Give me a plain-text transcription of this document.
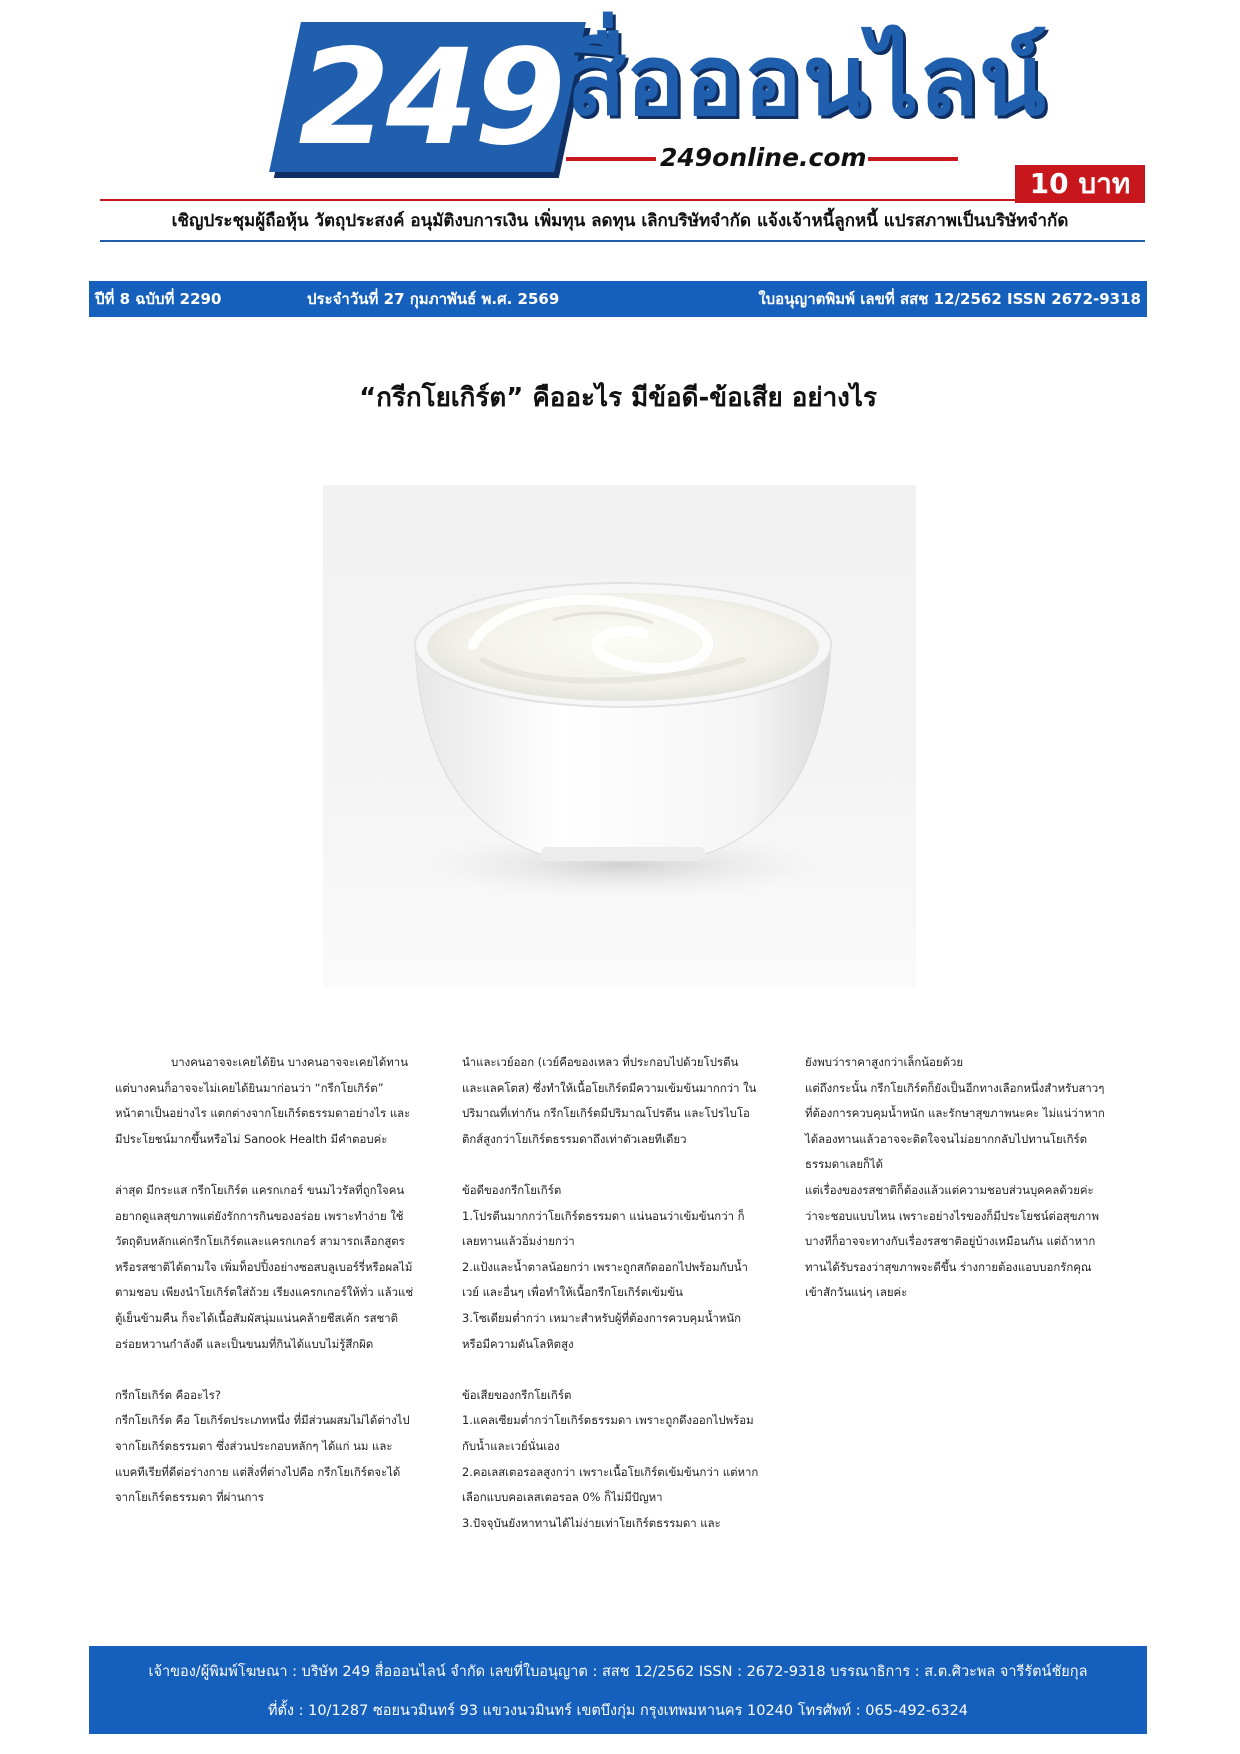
249 สื่อออนไลน์
249online.com
10 บาท
เชิญประชุมผู้ถือหุ้น วัตถุประสงค์ อนุมัติงบการเงิน เพิ่มทุน ลดทุน เลิกบริษัทจำกัด แจ้งเจ้าหนี้ลูกหนี้ แปรสภาพเป็นบริษัทจำกัด
ปีที่ 8 ฉบับที่ 2290	ประจำวันที่ 27 กุมภาพันธ์ พ.ศ. 2569	ใบอนุญาตพิมพ์ เลขที่ สสช 12/2562 ISSN 2672-9318
“กรีกโยเกิร์ต” คืออะไร มีข้อดี-ข้อเสีย อย่างไร

บางคนอาจจะเคยได้ยิน บางคนอาจจะเคยได้ทาน แต่บางคนก็อาจจะไม่เคยได้ยินมาก่อนว่า “กรีกโยเกิร์ต” หน้าตาเป็นอย่างไร แตกต่างจากโยเกิร์ตธรรมดาอย่างไร และมีประโยชน์มากขึ้นหรือไม่ Sanook Health มีคำตอบค่ะ

ล่าสุด มีกระแส กรีกโยเกิร์ต แครกเกอร์ ขนมไวรัลที่ถูกใจคนอยากดูแลสุขภาพแต่ยังรักการกินของอร่อย เพราะทำง่าย ใช้วัตถุดิบหลักแค่กรีกโยเกิร์ตและแครกเกอร์ สามารถเลือกสูตรหรือรสชาติได้ตามใจ เพิ่มท็อปปิ้งอย่างซอสบลูเบอร์รี่หรือผลไม้ตามชอบ เพียงนำโยเกิร์ตใส่ถ้วย เรียงแครกเกอร์ให้ทั่ว แล้วแช่ตู้เย็นข้ามคืน ก็จะได้เนื้อสัมผัสนุ่มแน่นคล้ายชีสเค้ก รสชาติอร่อยหวานกำลังดี และเป็นขนมที่กินได้แบบไม่รู้สึกผิด

กรีกโยเกิร์ต คืออะไร?

กรีกโยเกิร์ต คือ โยเกิร์ตประเภทหนึ่ง ที่มีส่วนผสมไม่ได้ต่างไปจากโยเกิร์ตธรรมดา ซึ่งส่วนประกอบหลักๆ ได้แก่ นม และแบคทีเรียที่ดีต่อร่างกาย แต่สิ่งที่ต่างไปคือ กรีกโยเกิร์ตจะได้จากโยเกิร์ตธรรมดา ที่ผ่านการ

นำและเวย์ออก (เวย์คือของเหลว ที่ประกอบไปด้วยโปรตีน และแลคโตส) ซึ่งทำให้เนื้อโยเกิร์ตมีความเข้มข้นมากกว่า ในปริมาณที่เท่ากัน กรีกโยเกิร์ตมีปริมาณโปรตีน และโปรไบโอติกส์สูงกว่าโยเกิร์ตธรรมดาถึงเท่าตัวเลยทีเดียว

ข้อดีของกรีกโยเกิร์ต

1.โปรตีนมากกว่าโยเกิร์ตธรรมดา แน่นอนว่าเข้มข้นกว่า ก็เลยทานแล้วอิ่มง่ายกว่า

2.แป้งและน้ำตาลน้อยกว่า เพราะถูกสกัดออกไปพร้อมกับน้ำ เวย์ และอื่นๆ เพื่อทำให้เนื้อกรีกโยเกิร์ตเข้มข้น

3.โซเดียมต่ำกว่า เหมาะสำหรับผู้ที่ต้องการควบคุมน้ำหนัก หรือมีความดันโลหิตสูง

ข้อเสียของกรีกโยเกิร์ต

1.แคลเซียมต่ำกว่าโยเกิร์ตธรรมดา เพราะถูกดึงออกไปพร้อมกับน้ำและเวย์นั่นเอง

2.คอเลสเตอรอลสูงกว่า เพราะเนื้อโยเกิร์ตเข้มข้นกว่า แต่หากเลือกแบบคอเลสเตอรอล 0% ก็ไม่มีปัญหา

3.ปัจจุบันยังหาทานได้ไม่ง่ายเท่าโยเกิร์ตธรรมดา และ

ยังพบว่าราคาสูงกว่าเล็กน้อยด้วย

แต่ถึงกระนั้น กรีกโยเกิร์ตก็ยังเป็นอีกทางเลือกหนึ่งสำหรับสาวๆ ที่ต้องการควบคุมน้ำหนัก และรักษาสุขภาพนะคะ ไม่แน่ว่าหากได้ลองทานแล้วอาจจะติดใจจนไม่อยากกลับไปทานโยเกิร์ตธรรมดาเลยก็ได้

แต่เรื่องของรสชาติก็ต้องแล้วแต่ความชอบส่วนบุคคลด้วยค่ะ ว่าจะชอบแบบไหน เพราะอย่างไรของก็มีประโยชน์ต่อสุขภาพ บางทีก็อาจจะทางกับเรื่องรสชาติอยู่บ้างเหมือนกัน แต่ถ้าหากทานได้รับรองว่าสุขภาพจะดีขึ้น ร่างกายต้องแอบบอกรักคุณเข้าสักวันแน่ๆ เลยค่ะ

เจ้าของ/ผู้พิมพ์โฆษณา : บริษัท 249 สื่อออนไลน์ จำกัด เลขที่ใบอนุญาต : สสช 12/2562 ISSN : 2672-9318 บรรณาธิการ : ส.ต.ศิวะพล จารีรัตน์ชัยกุล
ที่ตั้ง : 10/1287 ซอยนวมินทร์ 93 แขวงนวมินทร์ เขตบึงกุ่ม กรุงเทพมหานคร 10240 โทรศัพท์ : 065-492-6324
